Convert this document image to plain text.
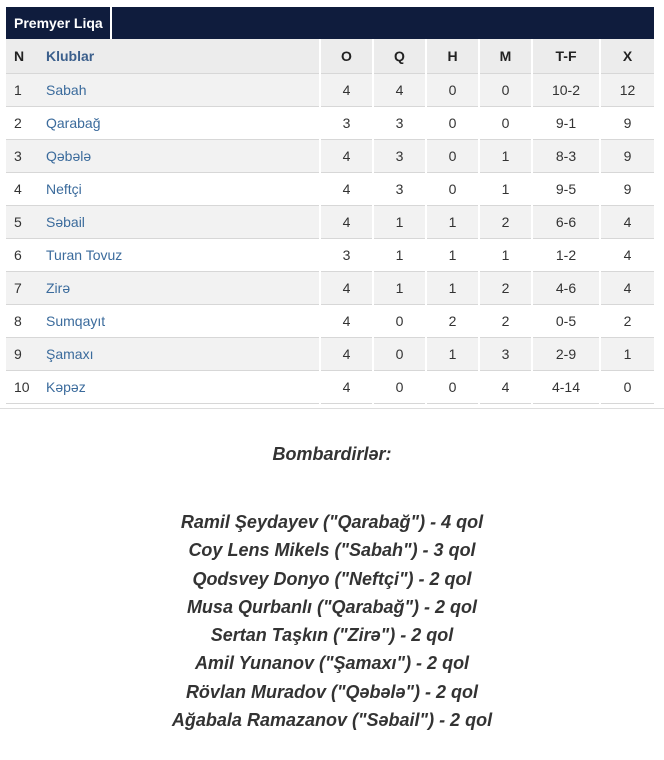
Premyer Liqa
N	Klublar	O	Q	H	M	T-F	X
1	Sabah	4	4	0	0	10-2	12
2	Qarabağ	3	3	0	0	9-1	9
3	Qəbələ	4	3	0	1	8-3	9
4	Neftçi	4	3	0	1	9-5	9
5	Səbail	4	1	1	2	6-6	4
6	Turan Tovuz	3	1	1	1	1-2	4
7	Zirə	4	1	1	2	4-6	4
8	Sumqayıt	4	0	2	2	0-5	2
9	Şamaxı	4	0	1	3	2-9	1
10	Kəpəz	4	0	0	4	4-14	0
Bombardirlər:
Ramil Şeydayev ("Qarabağ") - 4 qol
Coy Lens Mikels ("Sabah") - 3 qol
Qodsvey Donyo ("Neftçi") - 2 qol
Musa Qurbanlı ("Qarabağ") - 2 qol
Sertan Taşkın ("Zirə") - 2 qol
Amil Yunanov ("Şamaxı") - 2 qol
Rövlan Muradov ("Qəbələ") - 2 qol
Ağabala Ramazanov ("Səbail") - 2 qol
